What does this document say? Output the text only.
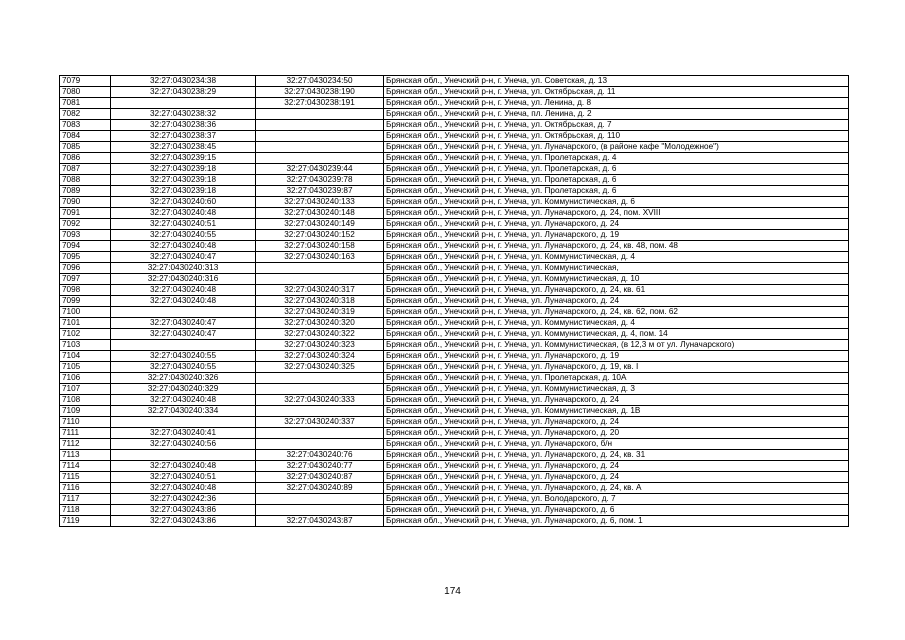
7079	32:27:0430234:38	32:27:0430234:50	Брянская обл., Унечский р-н, г. Унеча, ул. Советская, д. 13
7080	32:27:0430238:29	32:27:0430238:190	Брянская обл., Унечский р-н, г. Унеча, ул. Октябрьская, д. 11
7081		32:27:0430238:191	Брянская обл., Унечский р-н, г. Унеча, ул. Ленина, д. 8
7082	32:27:0430238:32		Брянская обл., Унечский р-н, г. Унеча, пл. Ленина, д. 2
7083	32:27:0430238:36		Брянская обл., Унечский р-н, г. Унеча, ул. Октябрьская, д. 7
7084	32:27:0430238:37		Брянская обл., Унечский р-н, г. Унеча, ул. Октябрьская, д. 110
7085	32:27:0430238:45		Брянская обл., Унечский р-н, г. Унеча, ул. Луначарского, (в районе кафе "Молодежное")
7086	32:27:0430239:15		Брянская обл., Унечский р-н, г. Унеча, ул. Пролетарская, д. 4
7087	32:27:0430239:18	32:27:0430239:44	Брянская обл., Унечский р-н, г. Унеча, ул. Пролетарская, д. 6
7088	32:27:0430239:18	32:27:0430239:78	Брянская обл., Унечский р-н, г. Унеча, ул. Пролетарская, д. 6
7089	32:27:0430239:18	32:27:0430239:87	Брянская обл., Унечский р-н, г. Унеча, ул. Пролетарская, д. 6
7090	32:27:0430240:60	32:27:0430240:133	Брянская обл., Унечский р-н, г. Унеча, ул. Коммунистическая, д. 6
7091	32:27:0430240:48	32:27:0430240:148	Брянская обл., Унечский р-н, г. Унеча, ул. Луначарского, д. 24, пом. XVIII
7092	32:27:0430240:51	32:27:0430240:149	Брянская обл., Унечский р-н, г. Унеча, ул. Луначарского, д. 24
7093	32:27:0430240:55	32:27:0430240:152	Брянская обл., Унечский р-н, г. Унеча, ул. Луначарского, д. 19
7094	32:27:0430240:48	32:27:0430240:158	Брянская обл., Унечский р-н, г. Унеча, ул. Луначарского, д. 24, кв. 48, пом. 48
7095	32:27:0430240:47	32:27:0430240:163	Брянская обл., Унечский р-н, г. Унеча, ул. Коммунистическая, д. 4
7096	32:27:0430240:313		Брянская обл., Унечский р-н, г. Унеча, ул. Коммунистическая,
7097	32:27:0430240:316		Брянская обл., Унечский р-н, г. Унеча, ул. Коммунистическая, д. 10
7098	32:27:0430240:48	32:27:0430240:317	Брянская обл., Унечский р-н, г. Унеча, ул. Луначарского, д. 24, кв. 61
7099	32:27:0430240:48	32:27:0430240:318	Брянская обл., Унечский р-н, г. Унеча, ул. Луначарского, д. 24
7100		32:27:0430240:319	Брянская обл., Унечский р-н, г. Унеча, ул. Луначарского, д. 24, кв. 62, пом. 62
7101	32:27:0430240:47	32:27:0430240:320	Брянская обл., Унечский р-н, г. Унеча, ул. Коммунистическая, д. 4
7102	32:27:0430240:47	32:27:0430240:322	Брянская обл., Унечский р-н, г. Унеча, ул. Коммунистическая, д. 4, пом. 14
7103		32:27:0430240:323	Брянская обл., Унечский р-н, г. Унеча, ул. Коммунистическая, (в 12,3 м от ул. Луначарского)
7104	32:27:0430240:55	32:27:0430240:324	Брянская обл., Унечский р-н, г. Унеча, ул. Луначарского, д. 19
7105	32:27:0430240:55	32:27:0430240:325	Брянская обл., Унечский р-н, г. Унеча, ул. Луначарского, д. 19, кв. I
7106	32:27:0430240:326		Брянская обл., Унечский р-н, г. Унеча, ул. Пролетарская, д. 10А
7107	32:27:0430240:329		Брянская обл., Унечский р-н, г. Унеча, ул. Коммунистическая, д. 3
7108	32:27:0430240:48	32:27:0430240:333	Брянская обл., Унечский р-н, г. Унеча, ул. Луначарского, д. 24
7109	32:27:0430240:334		Брянская обл., Унечский р-н, г. Унеча, ул. Коммунистическая, д. 1В
7110		32:27:0430240:337	Брянская обл., Унечский р-н, г. Унеча, ул. Луначарского, д. 24
7111	32:27:0430240:41		Брянская обл., Унечский р-н, г. Унеча, ул. Луначарского, д. 20
7112	32:27:0430240:56		Брянская обл., Унечский р-н, г. Унеча, ул. Луначарского, б/н
7113		32:27:0430240:76	Брянская обл., Унечский р-н, г. Унеча, ул. Луначарского, д. 24, кв. 31
7114	32:27:0430240:48	32:27:0430240:77	Брянская обл., Унечский р-н, г. Унеча, ул. Луначарского, д. 24
7115	32:27:0430240:51	32:27:0430240:87	Брянская обл., Унечский р-н, г. Унеча, ул. Луначарского, д. 24
7116	32:27:0430240:48	32:27:0430240:89	Брянская обл., Унечский р-н, г. Унеча, ул. Луначарского, д. 24, кв. А
7117	32:27:0430242:36		Брянская обл., Унечский р-н, г. Унеча, ул. Володарского, д. 7
7118	32:27:0430243:86		Брянская обл., Унечский р-н, г. Унеча, ул. Луначарского, д. 6
7119	32:27:0430243:86	32:27:0430243:87	Брянская обл., Унечский р-н, г. Унеча, ул. Луначарского, д. 6, пом. 1
174
